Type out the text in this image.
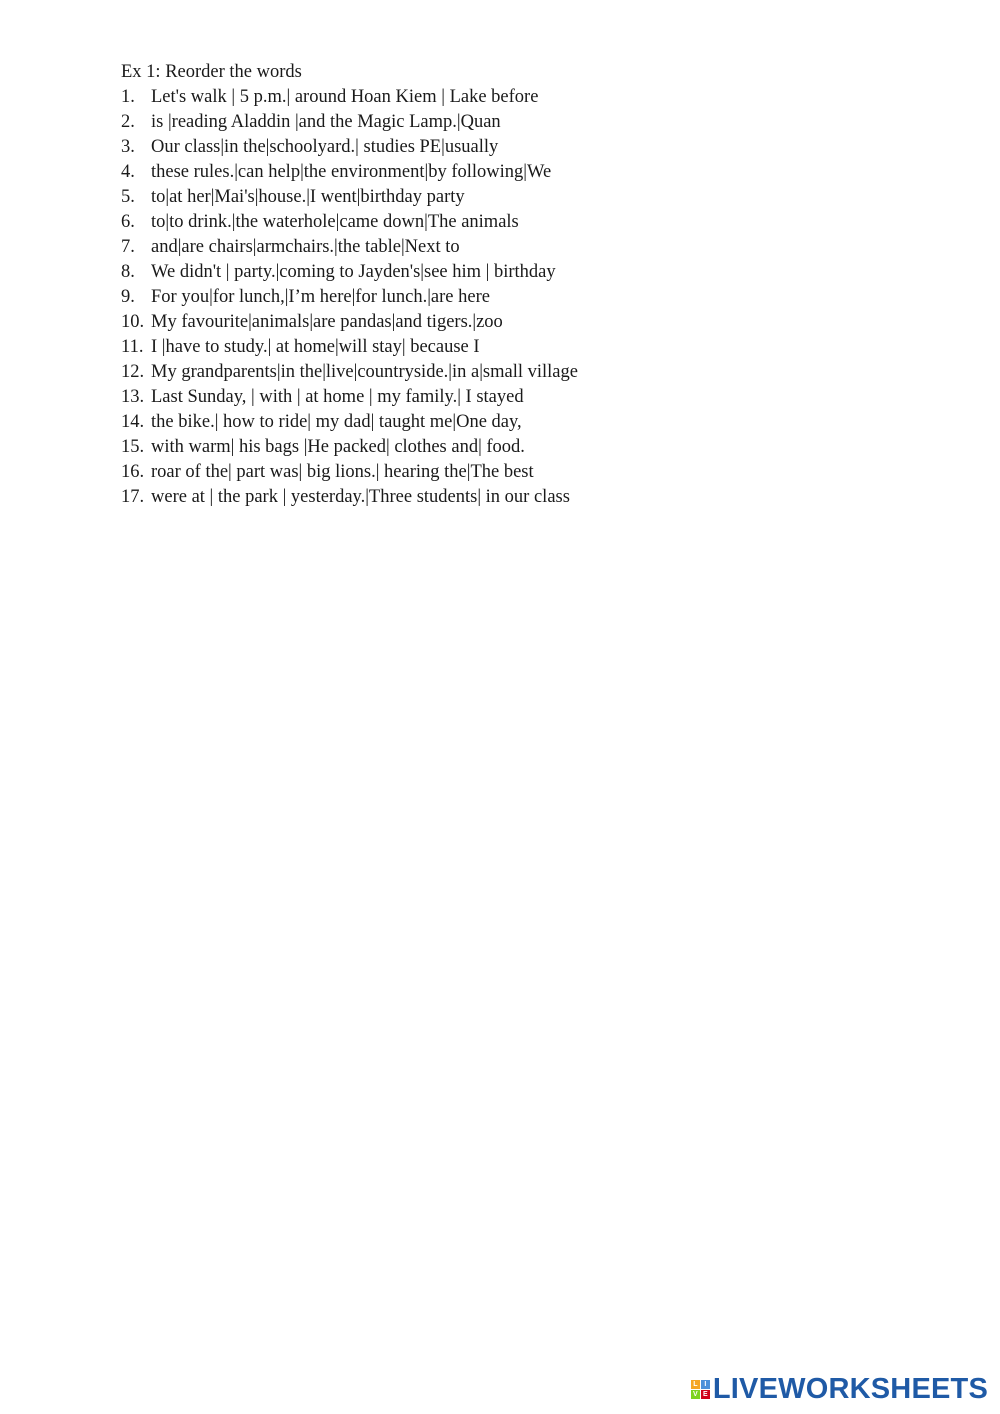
Ex 1: Reorder the words
1. Let's walk | 5 p.m.| around Hoan Kiem | Lake before
2. is |reading Aladdin |and the Magic Lamp.|Quan
3. Our class|in the|schoolyard.| studies PE|usually
4. these rules.|can help|the environment|by following|We
5. to|at her|Mai's|house.|I went|birthday party
6. to|to drink.|the waterhole|came down|The animals
7. and|are chairs|armchairs.|the table|Next to
8. We didn't | party.|coming to Jayden's|see him | birthday
9. For you|for lunch,|I’m here|for lunch.|are here
10. My favourite|animals|are pandas|and tigers.|zoo
11. I |have to study.| at home|will stay| because I
12. My grandparents|in the|live|countryside.|in a|small village
13. Last Sunday, | with | at home | my family.| I stayed
14. the bike.| how to ride| my dad| taught me|One day,
15. with warm| his bags |He packed| clothes and| food.
16. roar of the| part was| big lions.| hearing the|The best
17. were at | the park | yesterday.|Three students| in our class
L I
V E LIVEWORKSHEETS
